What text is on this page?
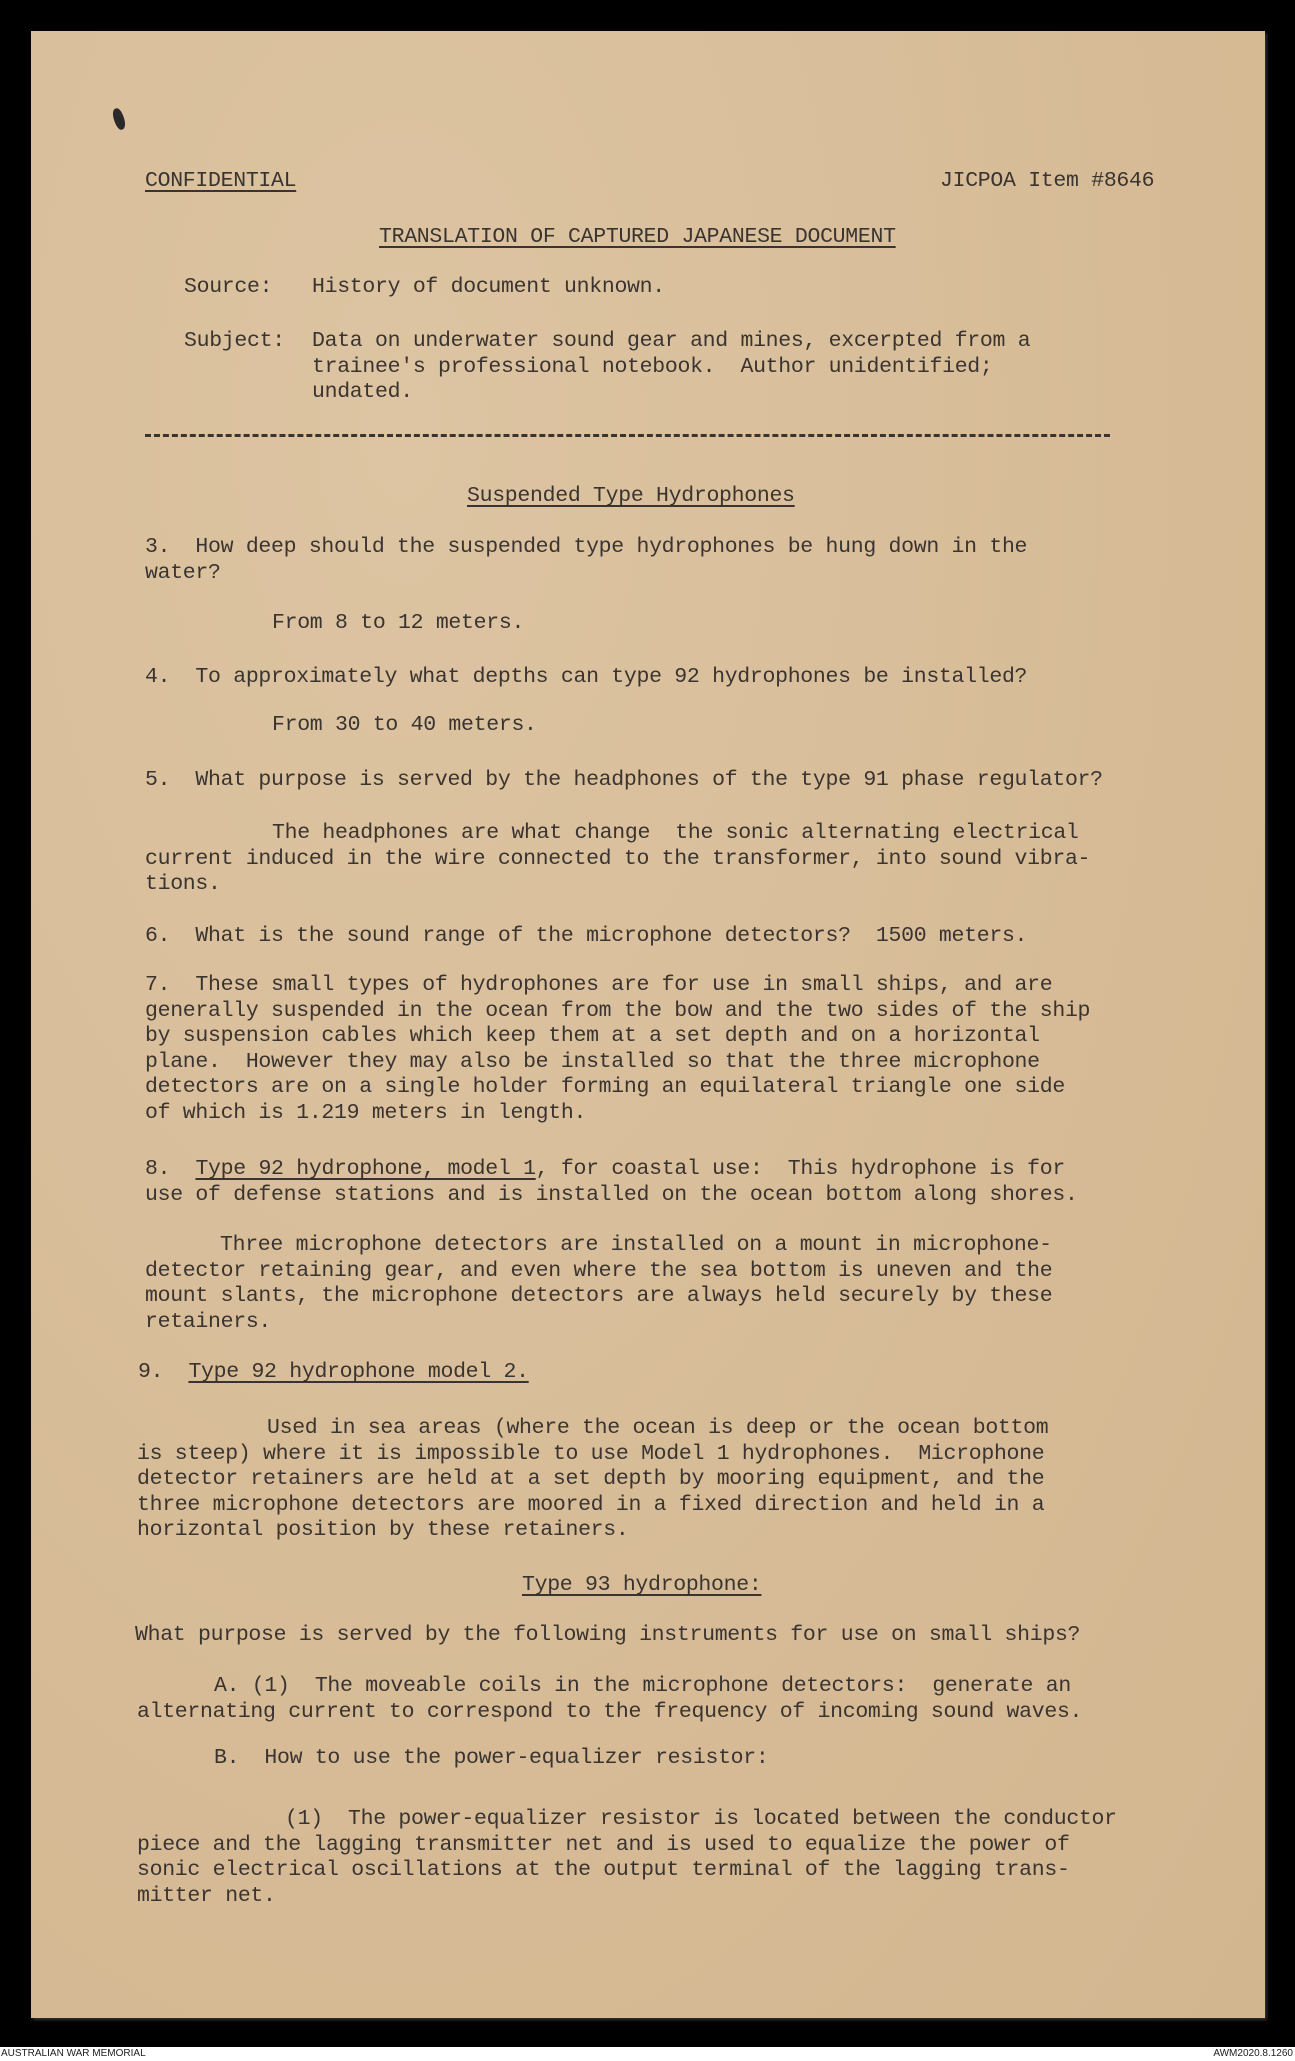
CONFIDENTIAL	JICPOA Item #8646
TRANSLATION OF CAPTURED JAPANESE DOCUMENT
Source: History of document unknown.
Subject: Data on underwater sound gear and mines, excerpted from a
trainee's professional notebook.  Author unidentified;
undated.
Suspended Type Hydrophones
3.  How deep should the suspended type hydrophones be hung down in the
water?
From 8 to 12 meters.
4.  To approximately what depths can type 92 hydrophones be installed?
From 30 to 40 meters.
5.  What purpose is served by the headphones of the type 91 phase regulator?
The headphones are what change  the sonic alternating electrical
current induced in the wire connected to the transformer, into sound vibra-
tions.
6.  What is the sound range of the microphone detectors?  1500 meters.
7.  These small types of hydrophones are for use in small ships, and are
generally suspended in the ocean from the bow and the two sides of the ship
by suspension cables which keep them at a set depth and on a horizontal
plane.  However they may also be installed so that the three microphone
detectors are on a single holder forming an equilateral triangle one side
of which is 1.219 meters in length.
8. Type 92 hydrophone, model 1, for coastal use:  This hydrophone is for
use of defense stations and is installed on the ocean bottom along shores.
Three microphone detectors are installed on a mount in microphone-
detector retaining gear, and even where the sea bottom is uneven and the
mount slants, the microphone detectors are always held securely by these
retainers.
9. Type 92 hydrophone model 2.
Used in sea areas (where the ocean is deep or the ocean bottom
is steep) where it is impossible to use Model 1 hydrophones.  Microphone
detector retainers are held at a set depth by mooring equipment, and the
three microphone detectors are moored in a fixed direction and held in a
horizontal position by these retainers.
Type 93 hydrophone:
What purpose is served by the following instruments for use on small ships?
A. (1)  The moveable coils in the microphone detectors:  generate an
alternating current to correspond to the frequency of incoming sound waves.
B.  How to use the power-equalizer resistor:
(1)  The power-equalizer resistor is located between the conductor
piece and the lagging transmitter net and is used to equalize the power of
sonic electrical oscillations at the output terminal of the lagging trans-
mitter net.
AUSTRALIAN WAR MEMORIAL	AWM2020.8.1260
